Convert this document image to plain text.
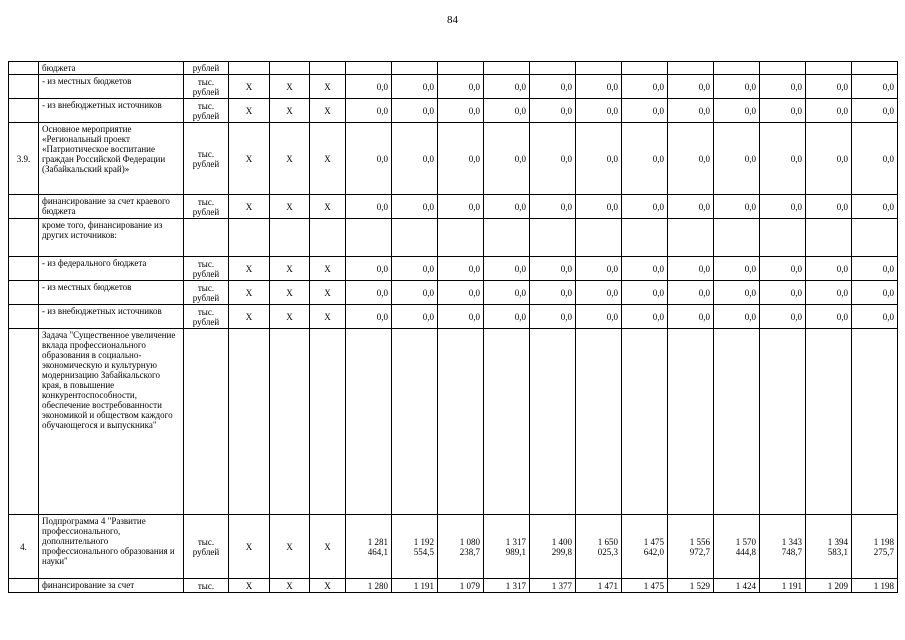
84
	бюджета	рублей															
	- из местных бюджетов	тыс. рублей	Х	Х	Х	0,0	0,0	0,0	0,0	0,0	0,0	0,0	0,0	0,0	0,0	0,0	0,0
	- из внебюджетных источников	тыс. рублей	Х	Х	Х	0,0	0,0	0,0	0,0	0,0	0,0	0,0	0,0	0,0	0,0	0,0	0,0
3.9.	Основное мероприятие «Региональный проект «Патриотическое воспитание граждан Российской Федерации (Забайкальский край)»	тыс. рублей	Х	Х	Х	0,0	0,0	0,0	0,0	0,0	0,0	0,0	0,0	0,0	0,0	0,0	0,0
	финансирование за счет краевого бюджета	тыс. рублей	Х	Х	Х	0,0	0,0	0,0	0,0	0,0	0,0	0,0	0,0	0,0	0,0	0,0	0,0
	кроме того, финансирование из других источников:																
	- из федерального бюджета	тыс. рублей	Х	Х	Х	0,0	0,0	0,0	0,0	0,0	0,0	0,0	0,0	0,0	0,0	0,0	0,0
	- из местных бюджетов	тыс. рублей	Х	Х	Х	0,0	0,0	0,0	0,0	0,0	0,0	0,0	0,0	0,0	0,0	0,0	0,0
	- из внебюджетных источников	тыс. рублей	Х	Х	Х	0,0	0,0	0,0	0,0	0,0	0,0	0,0	0,0	0,0	0,0	0,0	0,0
	Задача "Существенное увеличение вклада профессионального образования в социально-экономическую и культурную модернизацию Забайкальского края, в повышение конкурентоспособности, обеспечение востребованности экономикой и обществом каждого обучающегося и выпускника"																
4.	Подпрограмма 4 "Развитие профессионального, дополнительного профессионального образования и науки"	тыс. рублей	Х	Х	Х	1 281 464,1	1 192 554,5	1 080 238,7	1 317 989,1	1 400 299,8	1 650 025,3	1 475 642,0	1 556 972,7	1 570 444,8	1 343 748,7	1 394 583,1	1 198 275,7
	финансирование за счет	тыс.	Х	Х	Х	1 280	1 191	1 079	1 317	1 377	1 471	1 475	1 529	1 424	1 191	1 209	1 198
